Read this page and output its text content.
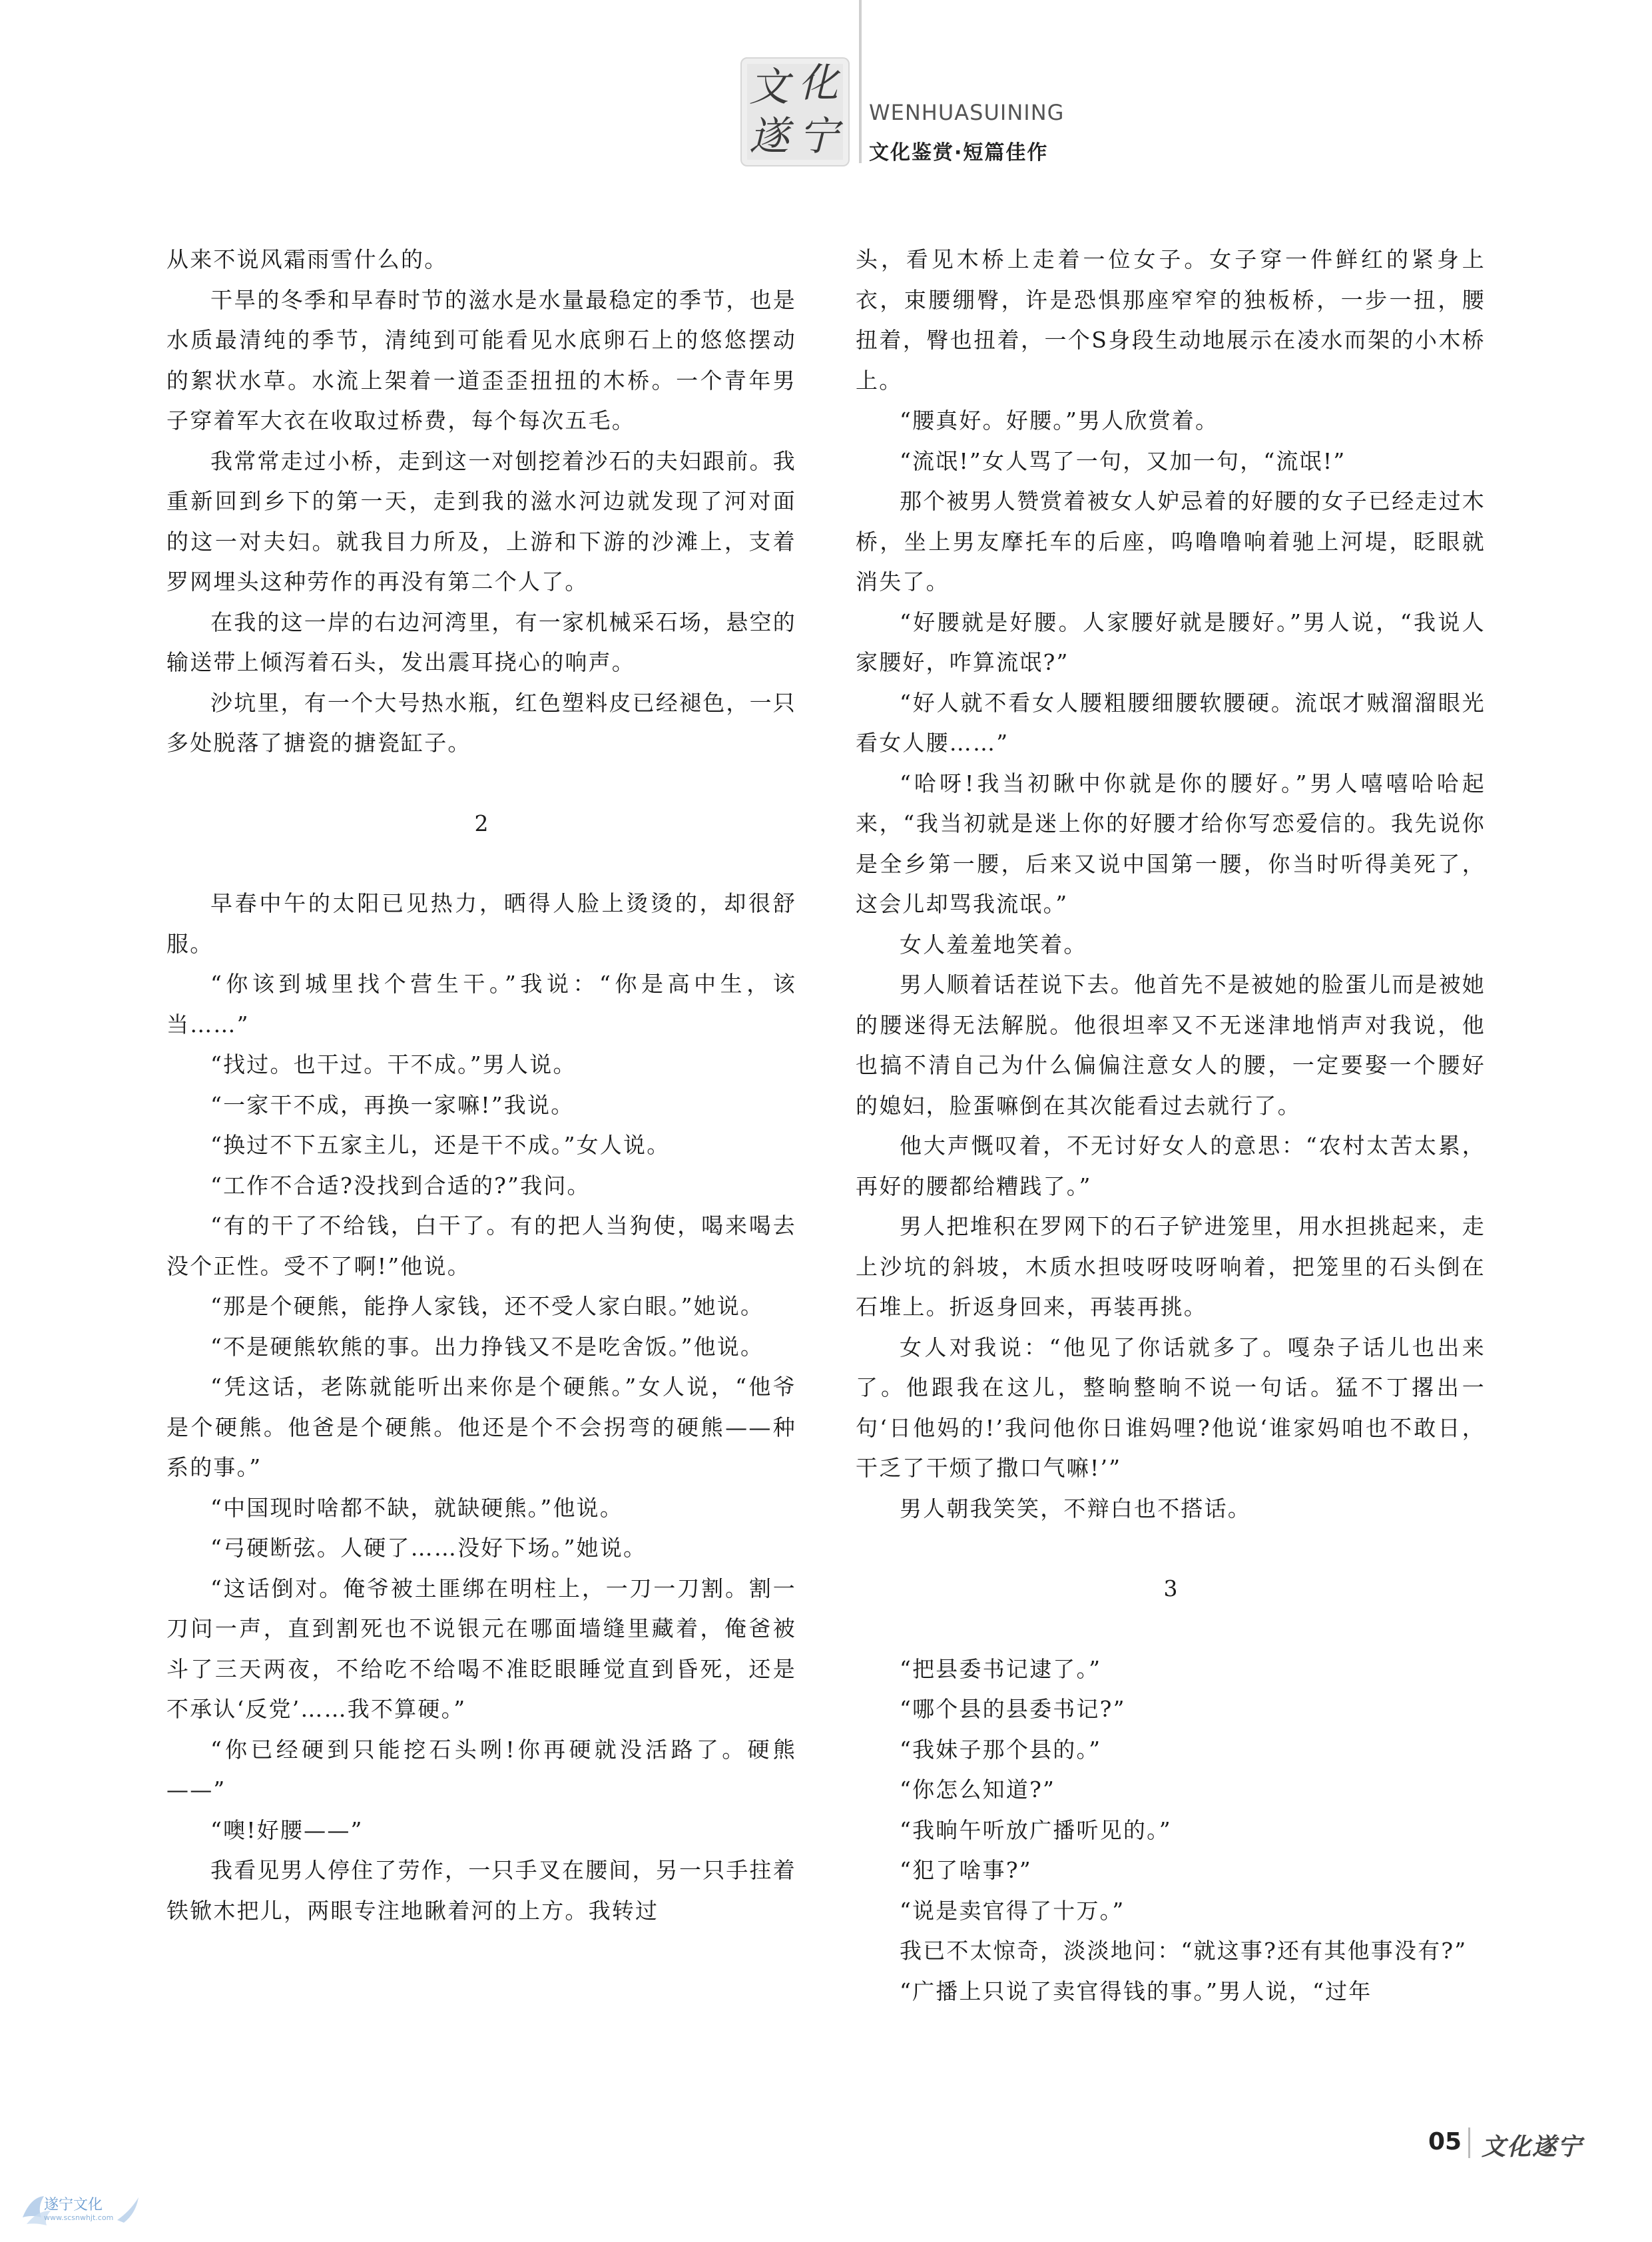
文 化
遂 宁
WENHUASUINING
文化鉴赏·短篇佳作

从来不说风霜雨雪什么的。

干旱的冬季和早春时节的滋水是水量最稳定的季节，也是水质最清纯的季节，清纯到可能看见水底卵石上的悠悠摆动的絮状水草。水流上架着一道歪歪扭扭的木桥。一个青年男子穿着军大衣在收取过桥费，每个每次五毛。

我常常走过小桥，走到这一对刨挖着沙石的夫妇跟前。我重新回到乡下的第一天，走到我的滋水河边就发现了河对面的这一对夫妇。就我目力所及，上游和下游的沙滩上，支着罗网埋头这种劳作的再没有第二个人了。

在我的这一岸的右边河湾里，有一家机械采石场，悬空的输送带上倾泻着石头，发出震耳挠心的响声。

沙坑里，有一个大号热水瓶，红色塑料皮已经褪色，一只多处脱落了搪瓷的搪瓷缸子。

2

早春中午的太阳已见热力，晒得人脸上烫烫的，却很舒服。

“你该到城里找个营生干。”我说：“你是高中生，该当……”

“找过。也干过。干不成。”男人说。

“一家干不成，再换一家嘛!”我说。

“换过不下五家主儿，还是干不成。”女人说。

“工作不合适?没找到合适的?”我问。

“有的干了不给钱，白干了。有的把人当狗使，喝来喝去没个正性。受不了啊!”他说。

“那是个硬熊，能挣人家钱，还不受人家白眼。”她说。

“不是硬熊软熊的事。出力挣钱又不是吃舍饭。”他说。

“凭这话，老陈就能听出来你是个硬熊。”女人说，“他爷是个硬熊。他爸是个硬熊。他还是个不会拐弯的硬熊——种系的事。”

“中国现时啥都不缺，就缺硬熊。”他说。

“弓硬断弦。人硬了……没好下场。”她说。

“这话倒对。俺爷被土匪绑在明柱上，一刀一刀割。割一刀问一声，直到割死也不说银元在哪面墙缝里藏着，俺爸被斗了三天两夜，不给吃不给喝不准眨眼睡觉直到昏死，还是不承认‘反党’……我不算硬。”

“你已经硬到只能挖石头咧!你再硬就没活路了。硬熊——”

“噢!好腰——”

我看见男人停住了劳作，一只手叉在腰间，另一只手拄着铁锨木把儿，两眼专注地瞅着河的上方。我转过

头，看见木桥上走着一位女子。女子穿一件鲜红的紧身上衣，束腰绷臀，许是恐惧那座窄窄的独板桥，一步一扭，腰扭着，臀也扭着，一个S身段生动地展示在凌水而架的小木桥上。

“腰真好。好腰。”男人欣赏着。

“流氓!”女人骂了一句，又加一句，“流氓!”

那个被男人赞赏着被女人妒忌着的好腰的女子已经走过木桥，坐上男友摩托车的后座，呜噜噜响着驰上河堤，眨眼就消失了。

“好腰就是好腰。人家腰好就是腰好。”男人说，“我说人家腰好，咋算流氓?”

“好人就不看女人腰粗腰细腰软腰硬。流氓才贼溜溜眼光看女人腰……”

“哈呀!我当初瞅中你就是你的腰好。”男人嘻嘻哈哈起来，“我当初就是迷上你的好腰才给你写恋爱信的。我先说你是全乡第一腰，后来又说中国第一腰，你当时听得美死了，这会儿却骂我流氓。”

女人羞羞地笑着。

男人顺着话茬说下去。他首先不是被她的脸蛋儿而是被她的腰迷得无法解脱。他很坦率又不无迷津地悄声对我说，他也搞不清自己为什么偏偏注意女人的腰，一定要娶一个腰好的媳妇，脸蛋嘛倒在其次能看过去就行了。

他大声慨叹着，不无讨好女人的意思：“农村太苦太累，再好的腰都给糟践了。”

男人把堆积在罗网下的石子铲进笼里，用水担挑起来，走上沙坑的斜坡，木质水担吱呀吱呀响着，把笼里的石头倒在石堆上。折返身回来，再装再挑。

女人对我说：“他见了你话就多了。嘎杂子话儿也出来了。他跟我在这儿，整晌整晌不说一句话。猛不丁撂出一句‘日他妈的!’我问他你日谁妈哩?他说‘谁家妈咱也不敢日，干乏了干烦了撒口气嘛!’”

男人朝我笑笑，不辩白也不搭话。

3

“把县委书记逮了。”

“哪个县的县委书记?”

“我妹子那个县的。”

“你怎么知道?”

“我晌午听放广播听见的。”

“犯了啥事?”

“说是卖官得了十万。”

我已不太惊奇，淡淡地问：“就这事?还有其他事没有?”

“广播上只说了卖官得钱的事。”男人说，“过年

05 文化遂宁
遂宁文化
www.scsnwhjt.com
